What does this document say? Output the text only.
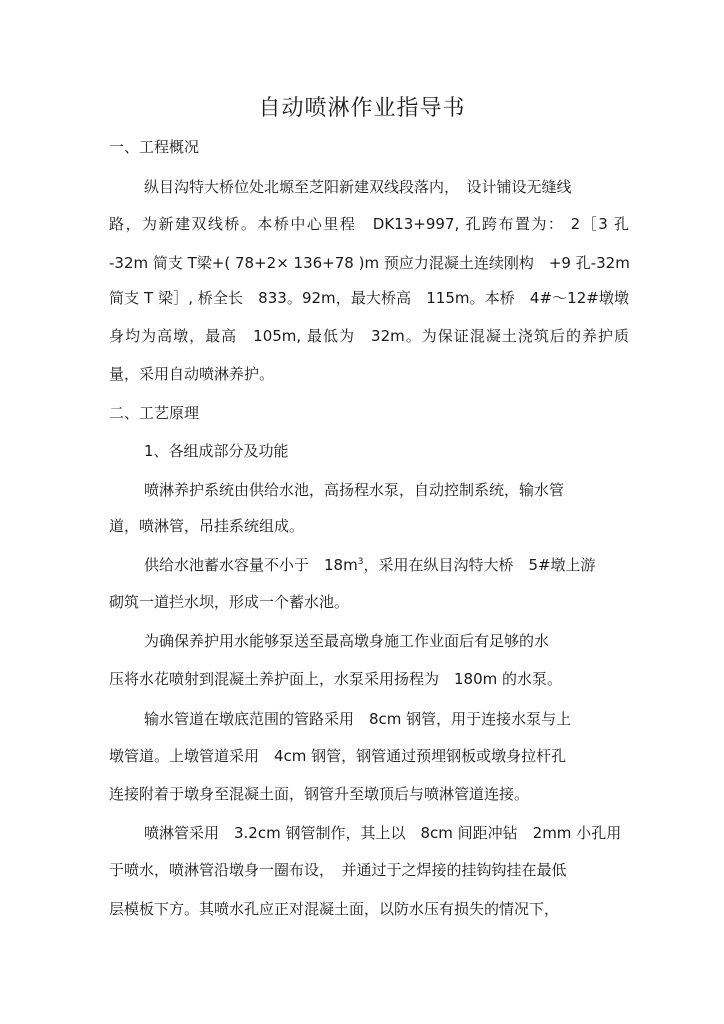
自动喷淋作业指导书
一、工程概况
纵目沟特大桥位处北塬至芝阳新建双线段落内，　设计铺设无缝线
路，为新建双线桥。本桥中心里程　DK13+997, 孔跨布置为： 2［3 孔
-32m 简支 T梁+( 78+2× 136+78 )m 预应力混凝土连续刚构　+9 孔-32m
简支 T 梁］, 桥全长　833。92m，最大桥高　115m。本桥　4#～12#墩墩
身均为高墩，最高　105m, 最低为　32m。为保证混凝土浇筑后的养护质
量，采用自动喷淋养护。
二、工艺原理
1、各组成部分及功能
喷淋养护系统由供给水池，高扬程水泵，自动控制系统，输水管
道，喷淋管，吊挂系统组成。
供给水池蓄水容量不小于　$18m^3$，采用在纵目沟特大桥　5#墩上游
砌筑一道拦水坝，形成一个蓄水池。
为确保养护用水能够泵送至最高墩身施工作业面后有足够的水
压将水花喷射到混凝土养护面上，水泵采用扬程为　180m 的水泵。
输水管道在墩底范围的管路采用　8cm 钢管，用于连接水泵与上
墩管道。上墩管道采用　4cm 钢管，钢管通过预埋钢板或墩身拉杆孔
连接附着于墩身至混凝土面，钢管升至墩顶后与喷淋管道连接。
喷淋管采用　3.2cm 钢管制作，其上以　8cm 间距冲钻　2mm 小孔用
于喷水，喷淋管沿墩身一圈布设，　并通过于之焊接的挂钩钩挂在最低
层模板下方。其喷水孔应正对混凝土面，以防水压有损失的情况下，
